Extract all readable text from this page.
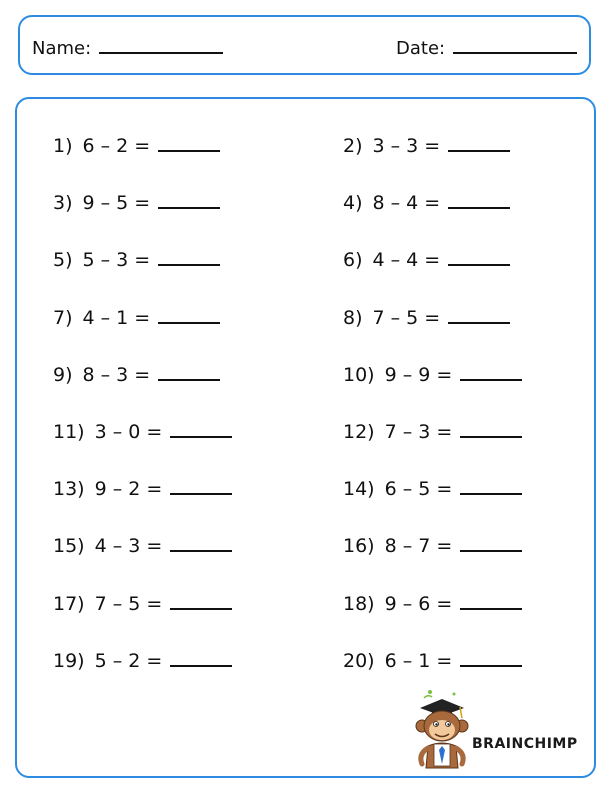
Name:	Date:
1) 6 – 2 =	2) 3 – 3 =
3) 9 – 5 =	4) 8 – 4 =
5) 5 – 3 =	6) 4 – 4 =
7) 4 – 1 =	8) 7 – 5 =
9) 8 – 3 =	10) 9 – 9 =
11) 3 – 0 =	12) 7 – 3 =
13) 9 – 2 =	14) 6 – 5 =
15) 4 – 3 =	16) 8 – 7 =
17) 7 – 5 =	18) 9 – 6 =
19) 5 – 2 =	20) 6 – 1 =
BRAINCHIMP
